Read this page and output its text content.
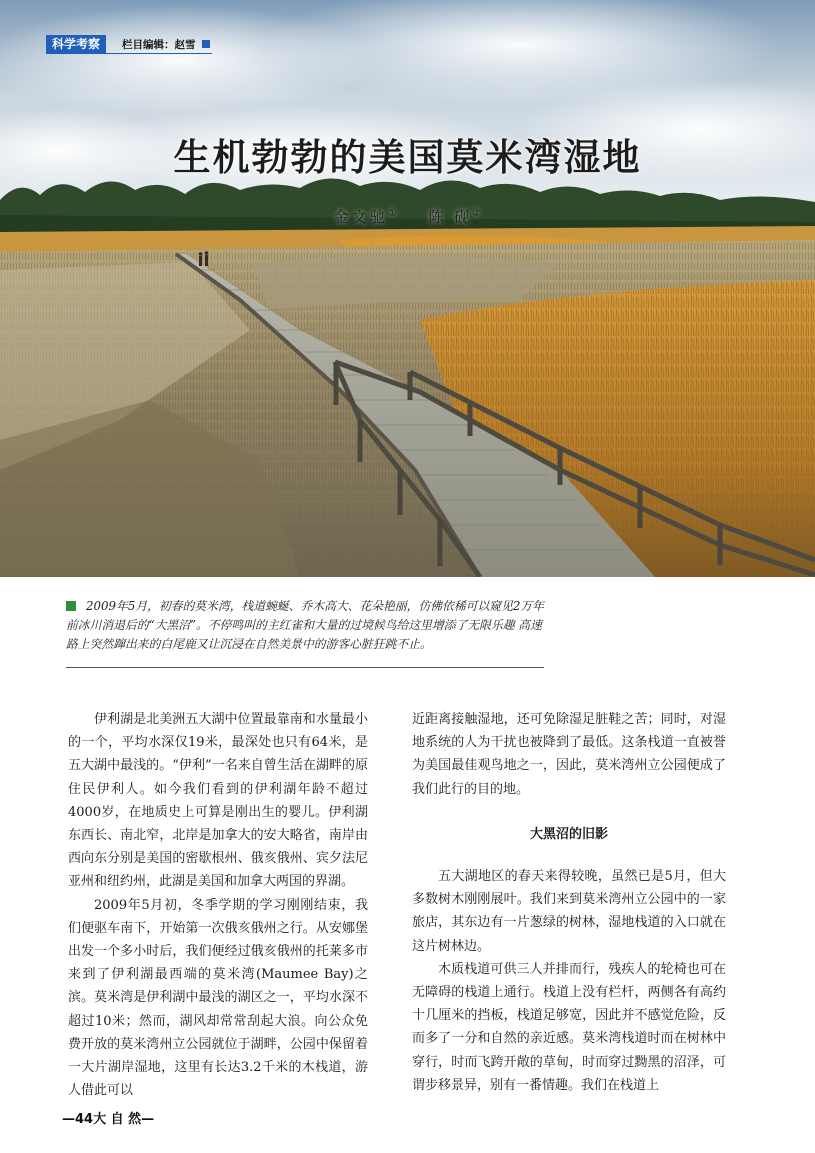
科学考察	栏目编辑：赵雪
生机勃勃的美国莫米湾湿地
金文驰① 陈 砚②
2009年5月，初春的莫米湾，栈道蜿蜒、乔木高大、花朵艳丽，仿佛依稀可以窥见2万年前冰川消退后的“大黑沼”。不停鸣叫的主红雀和大量的过境候鸟给这里增添了无限乐趣 高速路上突然蹿出来的白尾鹿又让沉浸在自然美景中的游客心脏狂跳不止。

伊利湖是北美洲五大湖中位置最靠南和水量最小的一个，平均水深仅19米，最深处也只有64米，是五大湖中最浅的。“伊利”一名来自曾生活在湖畔的原住民伊利人。如今我们看到的伊利湖年龄不超过4000岁，在地质史上可算是刚出生的婴儿。伊利湖东西长、南北窄，北岸是加拿大的安大略省，南岸由西向东分别是美国的密歇根州、俄亥俄州、宾夕法尼亚州和纽约州，此湖是美国和加拿大两国的界湖。

2009年5月初，冬季学期的学习刚刚结束，我们便驱车南下，开始第一次俄亥俄州之行。从安娜堡出发一个多小时后，我们便经过俄亥俄州的托莱多市来到了伊利湖最西端的莫米湾(Maumee Bay)之滨。莫米湾是伊利湖中最浅的湖区之一，平均水深不超过10米；然而，湖风却常常刮起大浪。向公众免费开放的莫米湾州立公园就位于湖畔，公园中保留着一大片湖岸湿地，这里有长达3.2千米的木栈道，游人借此可以

近距离接触湿地，还可免除湿足脏鞋之苦；同时，对湿地系统的人为干扰也被降到了最低。这条栈道一直被誉为美国最佳观鸟地之一，因此，莫米湾州立公园便成了我们此行的目的地。

大黑沼的旧影

五大湖地区的春天来得较晚，虽然已是5月，但大多数树木刚刚展叶。我们来到莫米湾州立公园中的一家旅店，其东边有一片葱绿的树林，湿地栈道的入口就在这片树林边。

木质栈道可供三人并排而行，残疾人的轮椅也可在无障碍的栈道上通行。栈道上没有栏杆，两侧各有高约十几厘米的挡板，栈道足够宽，因此并不感觉危险，反而多了一分和自然的亲近感。莫米湾栈道时而在树林中穿行，时而飞跨开敞的草甸，时而穿过黝黑的沼泽，可谓步移景异，别有一番情趣。我们在栈道上

—44大 自 然—
